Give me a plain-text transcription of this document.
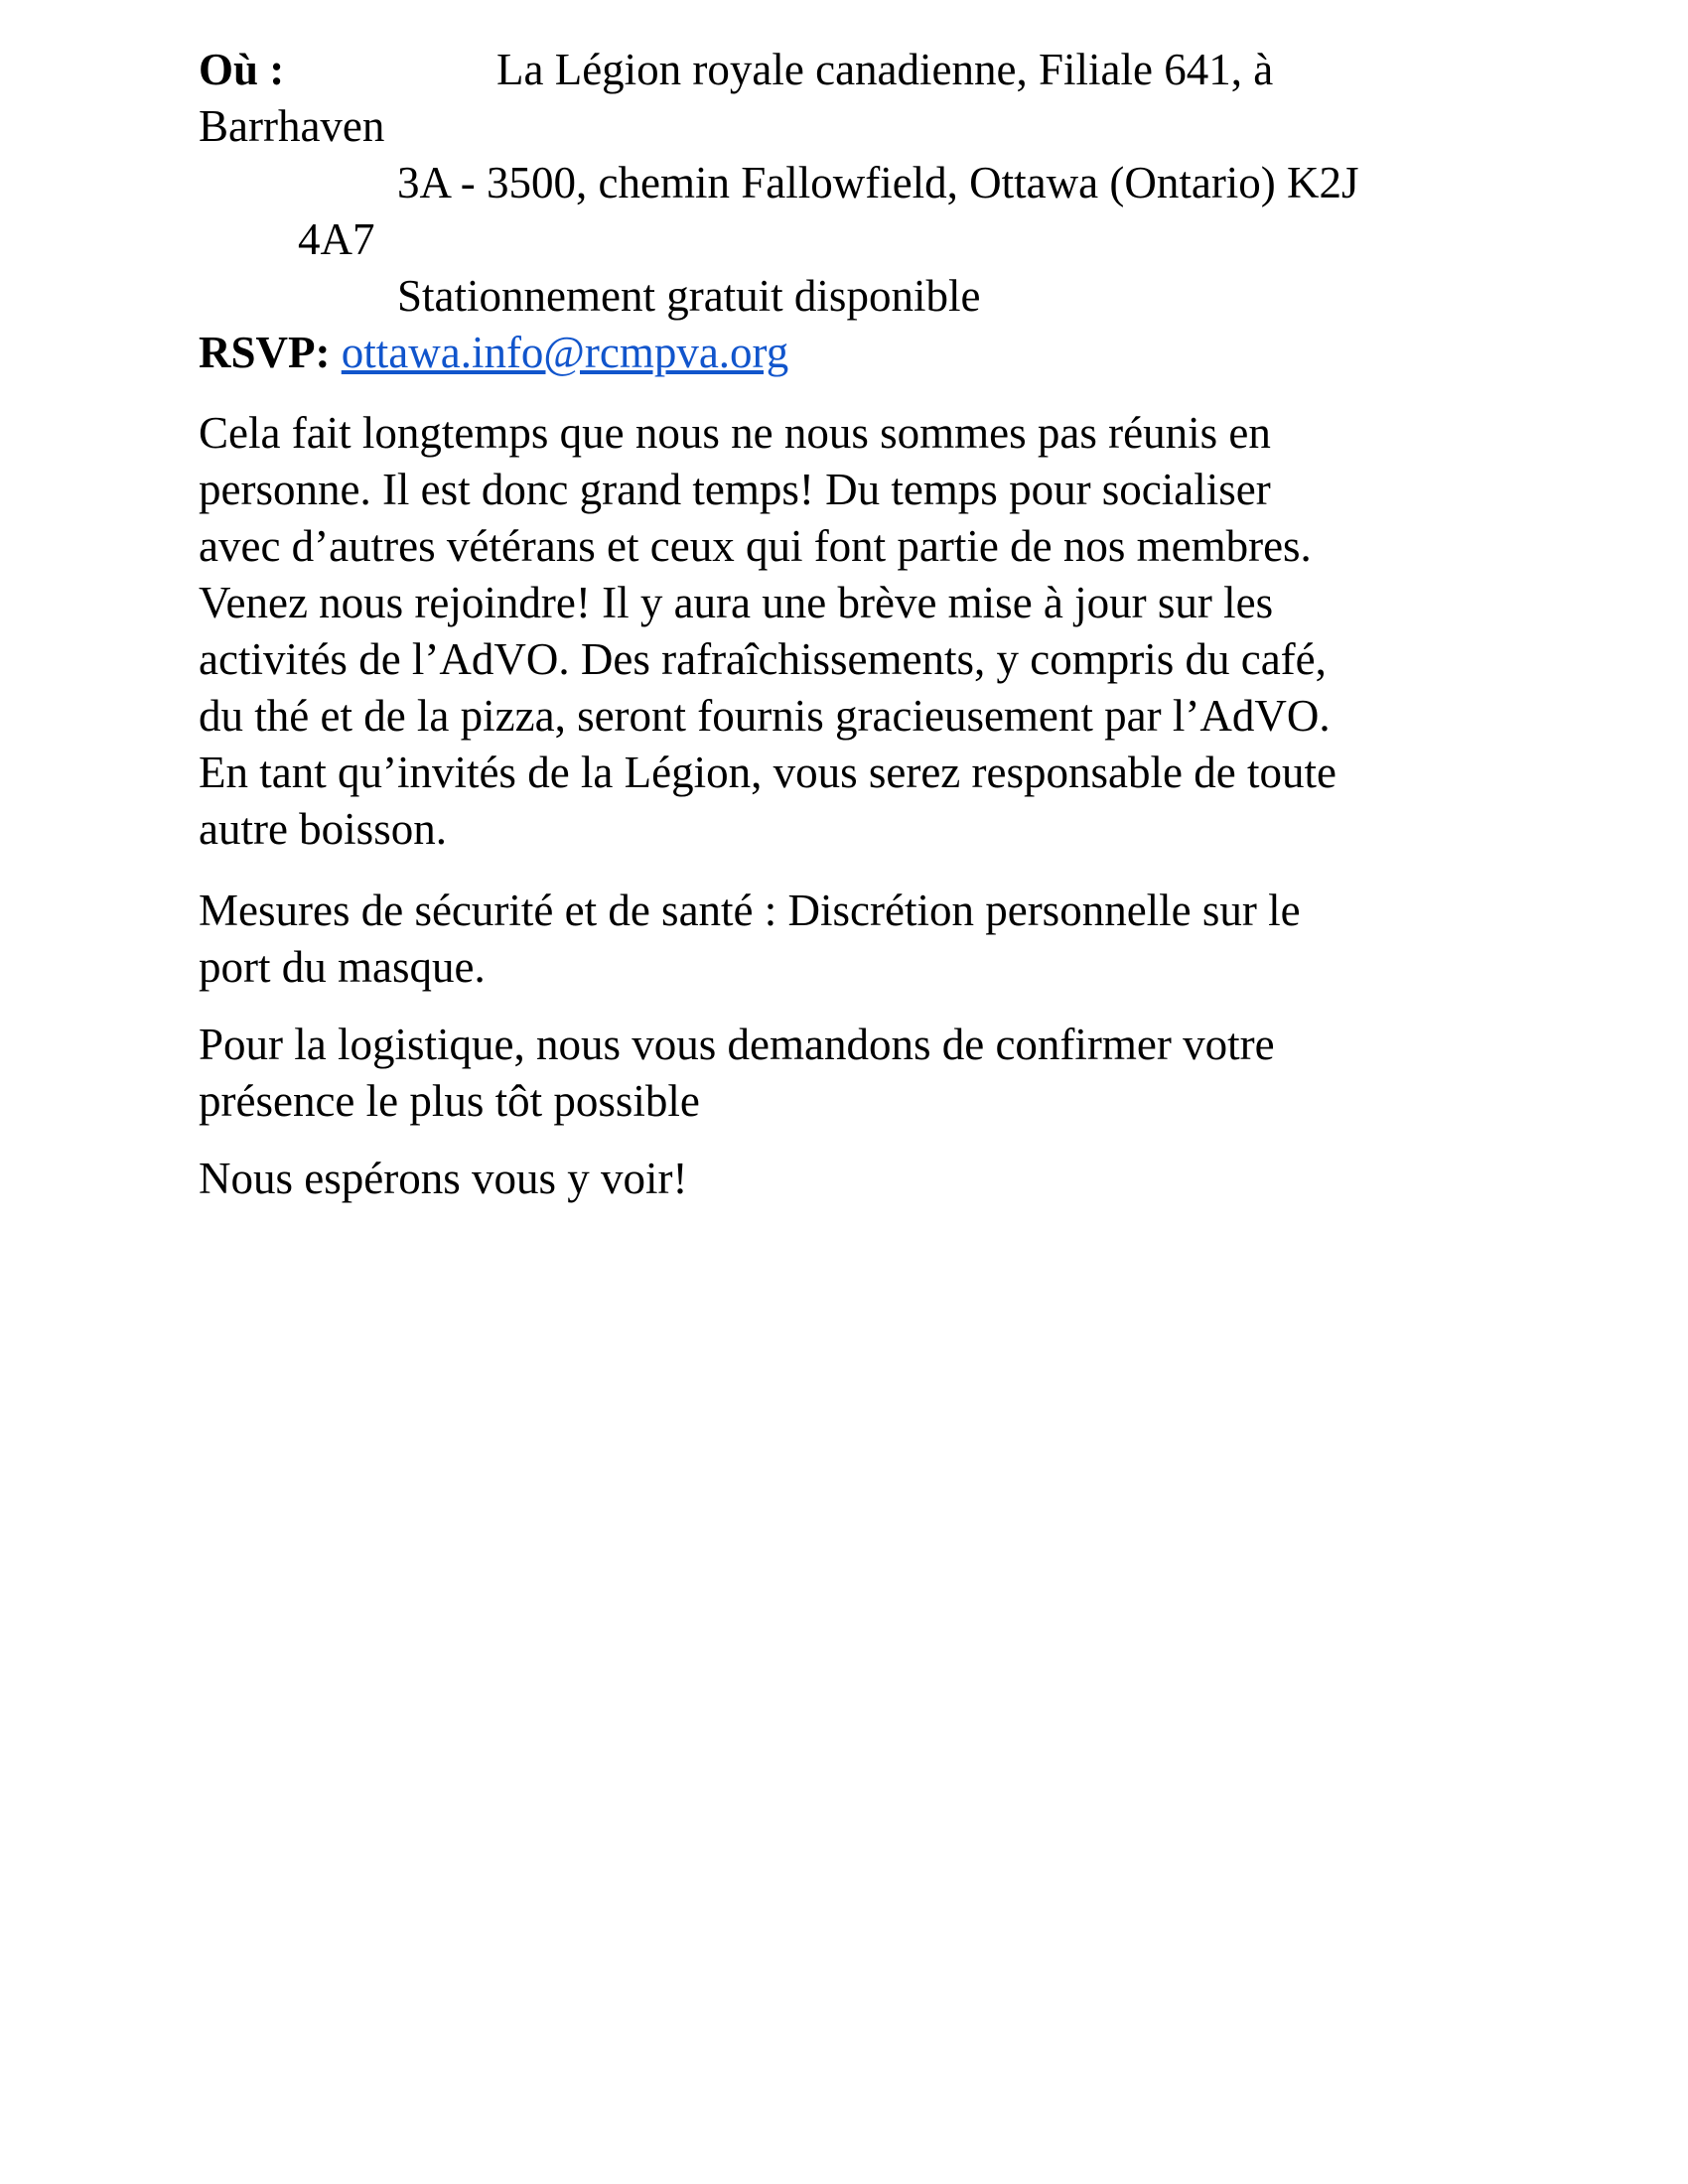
Où :	La Légion royale canadienne, Filiale 641, à
Barrhaven
3A - 3500, chemin Fallowfield, Ottawa (Ontario) K2J
4A7
Stationnement gratuit disponible
RSVP: ottawa.info@rcmpva.org
Cela fait longtemps que nous ne nous sommes pas réunis en
personne. Il est donc grand temps! Du temps pour socialiser
avec d’autres vétérans et ceux qui font partie de nos membres.
Venez nous rejoindre! Il y aura une brève mise à jour sur les
activités de l’AdVO. Des rafraîchissements, y compris du café,
du thé et de la pizza, seront fournis gracieusement par l’AdVO.
En tant qu’invités de la Légion, vous serez responsable de toute
autre boisson.
Mesures de sécurité et de santé : Discrétion personnelle sur le
port du masque.
Pour la logistique, nous vous demandons de confirmer votre
présence le plus tôt possible
Nous espérons vous y voir!
